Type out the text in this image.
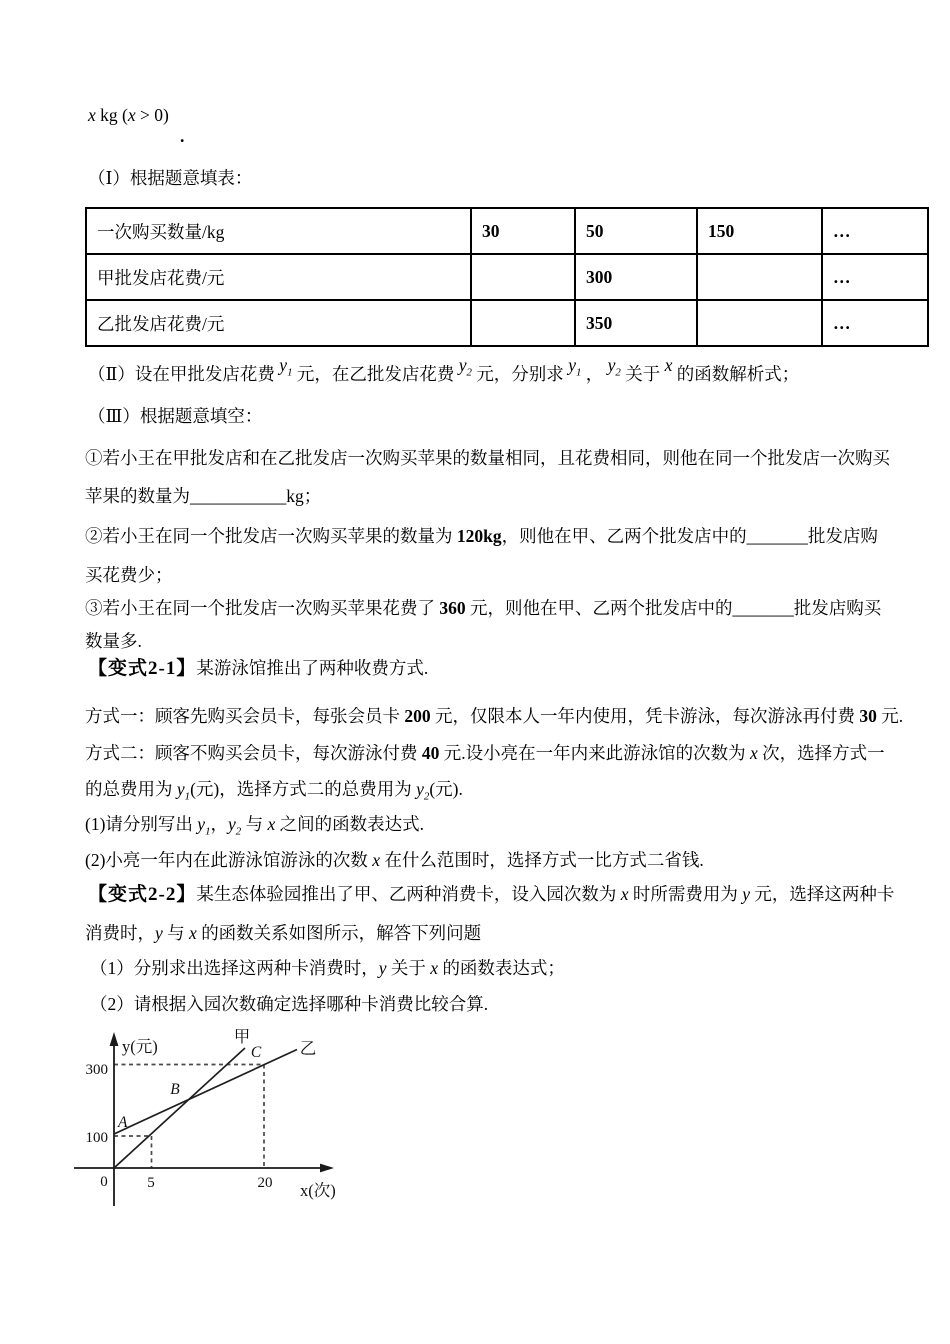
x kg (x > 0)
.
（Ⅰ）根据题意填表：
一次购买数量/kg	30	50	150	…
甲批发店花费/元		300		…
乙批发店花费/元		350		…
（Ⅱ）设在甲批发店花费 $y_1$ 元，在乙批发店花费 $y_2$ 元，分别求 $y_1$ ， $y_2$ 关于 x 的函数解析式；
（Ⅲ）根据题意填空：
①若小王在甲批发店和在乙批发店一次购买苹果的数量相同，且花费相同，则他在同一个批发店一次购买
苹果的数量为___________kg；
②若小王在同一个批发店一次购买苹果的数量为 120kg，则他在甲、乙两个批发店中的_______批发店购
买花费少；
③若小王在同一个批发店一次购买苹果花费了 360 元，则他在甲、乙两个批发店中的_______批发店购买
数量多.
【变式2-1】某游泳馆推出了两种收费方式.
方式一：顾客先购买会员卡，每张会员卡 200 元，仅限本人一年内使用，凭卡游泳，每次游泳再付费 30 元.
方式二：顾客不购买会员卡，每次游泳付费 40 元.设小亮在一年内来此游泳馆的次数为 x 次，选择方式一
的总费用为 $y_1$(元)，选择方式二的总费用为 $y_2$(元).
(1)请分别写出 $y_1$，$y_2$ 与 x 之间的函数表达式.
(2)小亮一年内在此游泳馆游泳的次数 x 在什么范围时，选择方式一比方式二省钱.
【变式2-2】某生态体验园推出了甲、乙两种消费卡，设入园次数为 x 时所需费用为 y 元，选择这两种卡
消费时，y 与 x 的函数关系如图所示，解答下列问题
（1）分别求出选择这两种卡消费时，y 关于 x 的函数表达式；
（2）请根据入园次数确定选择哪种卡消费比较合算.
y(元)
x(次)
300
100
0	5	20
甲
乙
A
B
C
